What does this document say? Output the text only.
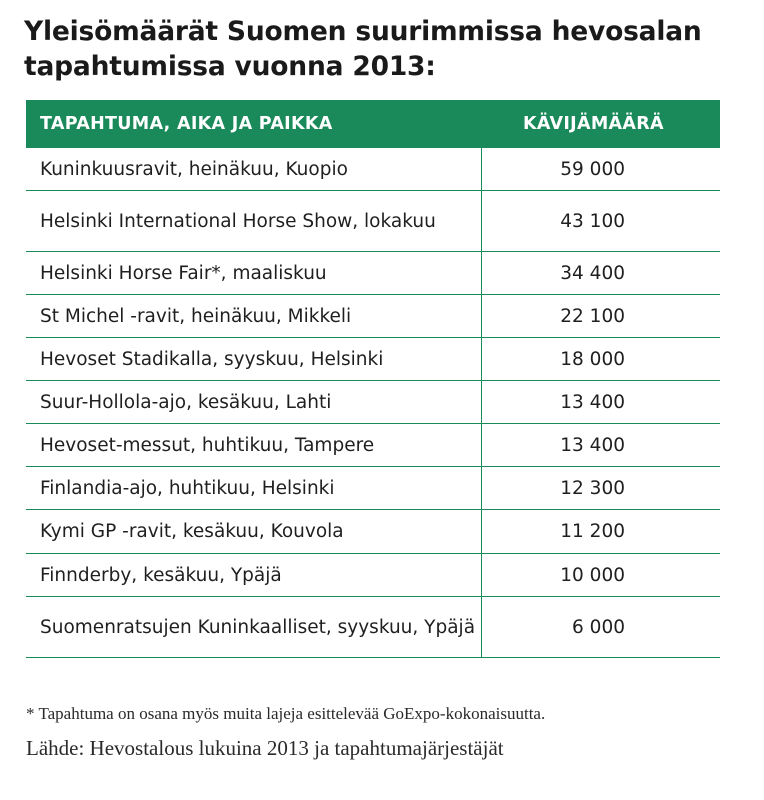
Yleisömäärät Suomen suurimmissa hevosalan tapahtumissa vuonna 2013:
TAPAHTUMA, AIKA JA PAIKKA	KÄVIJÄMÄÄRÄ
Kuninkuusravit, heinäkuu, Kuopio	59 000
Helsinki International Horse Show, lokakuu	43 100
Helsinki Horse Fair*, maaliskuu	34 400
St Michel -ravit, heinäkuu, Mikkeli	22 100
Hevoset Stadikalla, syyskuu, Helsinki	18 000
Suur-Hollola-ajo, kesäkuu, Lahti	13 400
Hevoset-messut, huhtikuu, Tampere	13 400
Finlandia-ajo, huhtikuu, Helsinki	12 300
Kymi GP -ravit, kesäkuu, Kouvola	11 200
Finnderby, kesäkuu, Ypäjä	10 000
Suomenratsujen Kuninkaalliset, syyskuu, Ypäjä	6 000
* Tapahtuma on osana myös muita lajeja esittelevää GoExpo-kokonaisuutta.
Lähde: Hevostalous lukuina 2013 ja tapahtumajärjestäjät
